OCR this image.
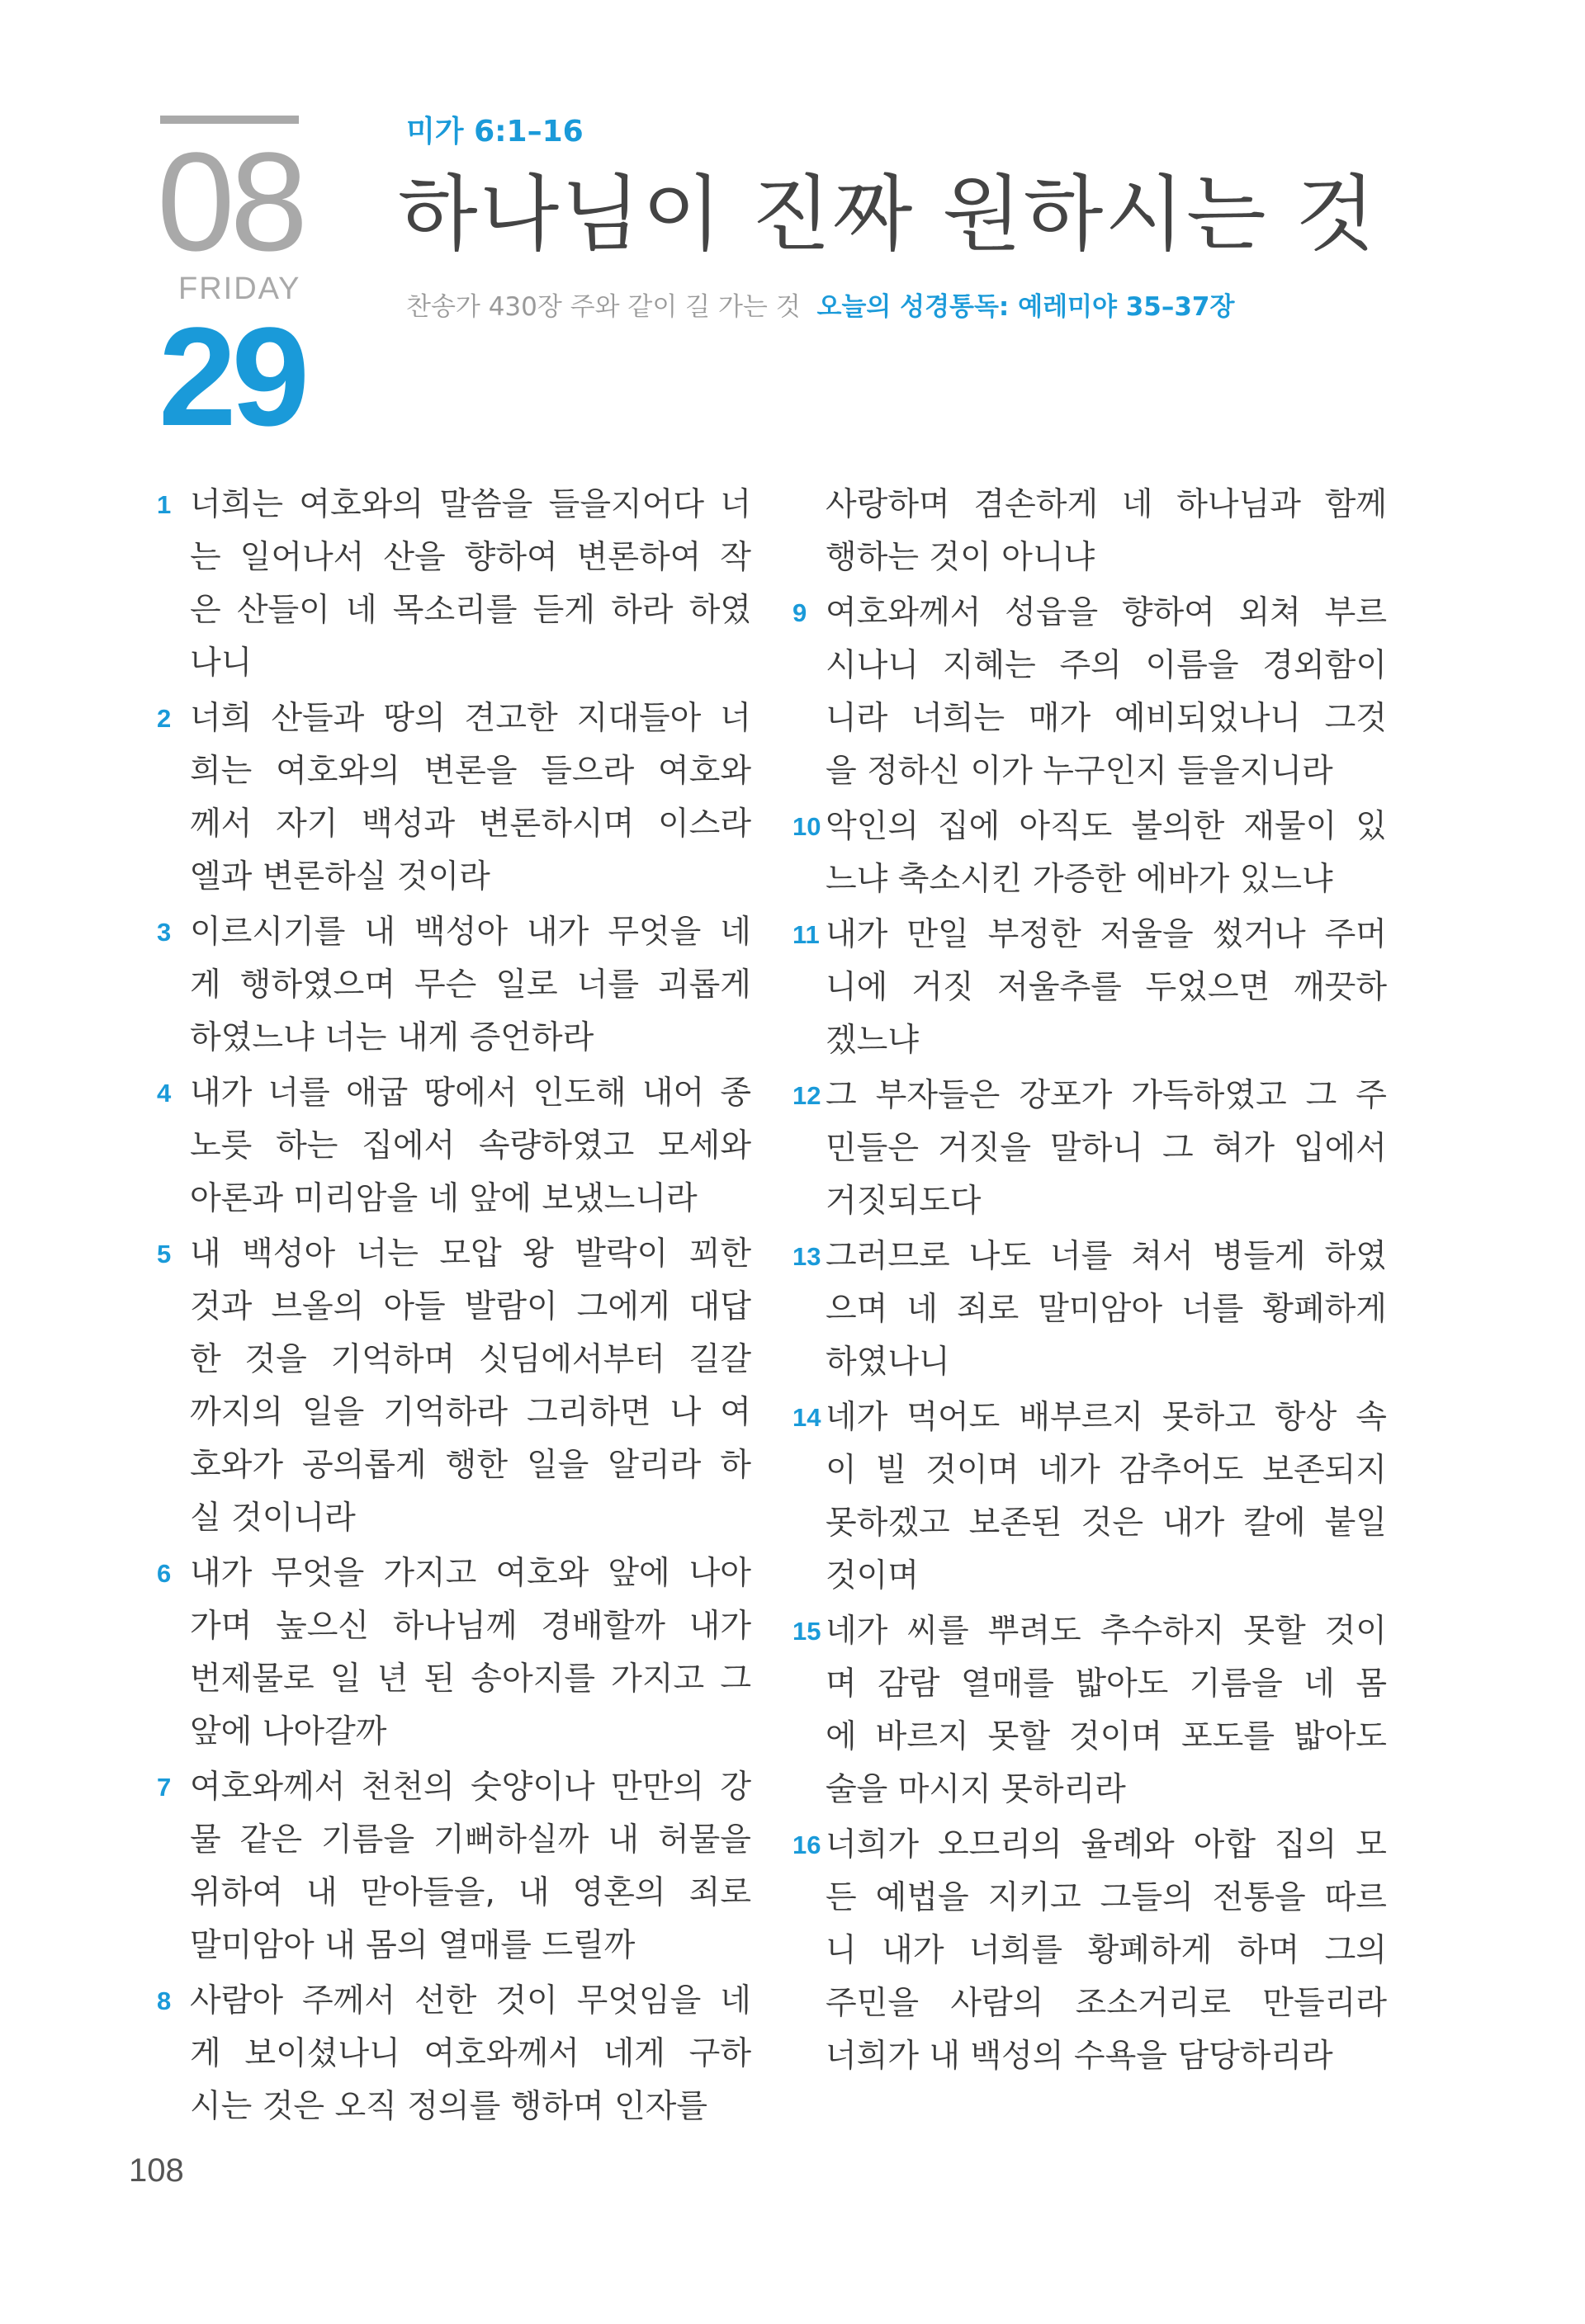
08
FRIDAY
29
미가 6:1–16
하나님이 진짜 원하시는 것
찬송가 430장 주와 같이 길 가는 것 오늘의 성경통독: 예레미야 35–37장
1 너희는 여호와의 말씀을 들을지어다 너
는 일어나서 산을 향하여 변론하여 작
은 산들이 네 목소리를 듣게 하라 하였
나니
2 너희 산들과 땅의 견고한 지대들아 너
희는 여호와의 변론을 들으라 여호와
께서 자기 백성과 변론하시며 이스라
엘과 변론하실 것이라
3 이르시기를 내 백성아 내가 무엇을 네
게 행하였으며 무슨 일로 너를 괴롭게
하였느냐 너는 내게 증언하라
4 내가 너를 애굽 땅에서 인도해 내어 종
노릇 하는 집에서 속량하였고 모세와
아론과 미리암을 네 앞에 보냈느니라
5 내 백성아 너는 모압 왕 발락이 꾀한
것과 브올의 아들 발람이 그에게 대답
한 것을 기억하며 싯딤에서부터 길갈
까지의 일을 기억하라 그리하면 나 여
호와가 공의롭게 행한 일을 알리라 하
실 것이니라
6 내가 무엇을 가지고 여호와 앞에 나아
가며 높으신 하나님께 경배할까 내가
번제물로 일 년 된 송아지를 가지고 그
앞에 나아갈까
7 여호와께서 천천의 숫양이나 만만의 강
물 같은 기름을 기뻐하실까 내 허물을
위하여 내 맏아들을, 내 영혼의 죄로
말미암아 내 몸의 열매를 드릴까
8 사람아 주께서 선한 것이 무엇임을 네
게 보이셨나니 여호와께서 네게 구하
시는 것은 오직 정의를 행하며 인자를
사랑하며 겸손하게 네 하나님과 함께
행하는 것이 아니냐
9 여호와께서 성읍을 향하여 외쳐 부르
시나니 지혜는 주의 이름을 경외함이
니라 너희는 매가 예비되었나니 그것
을 정하신 이가 누구인지 들을지니라
10 악인의 집에 아직도 불의한 재물이 있
느냐 축소시킨 가증한 에바가 있느냐
11 내가 만일 부정한 저울을 썼거나 주머
니에 거짓 저울추를 두었으면 깨끗하
겠느냐
12 그 부자들은 강포가 가득하였고 그 주
민들은 거짓을 말하니 그 혀가 입에서
거짓되도다
13 그러므로 나도 너를 쳐서 병들게 하였
으며 네 죄로 말미암아 너를 황폐하게
하였나니
14 네가 먹어도 배부르지 못하고 항상 속
이 빌 것이며 네가 감추어도 보존되지
못하겠고 보존된 것은 내가 칼에 붙일
것이며
15 네가 씨를 뿌려도 추수하지 못할 것이
며 감람 열매를 밟아도 기름을 네 몸
에 바르지 못할 것이며 포도를 밟아도
술을 마시지 못하리라
16 너희가 오므리의 율례와 아합 집의 모
든 예법을 지키고 그들의 전통을 따르
니 내가 너희를 황폐하게 하며 그의
주민을 사람의 조소거리로 만들리라
너희가 내 백성의 수욕을 담당하리라
108
